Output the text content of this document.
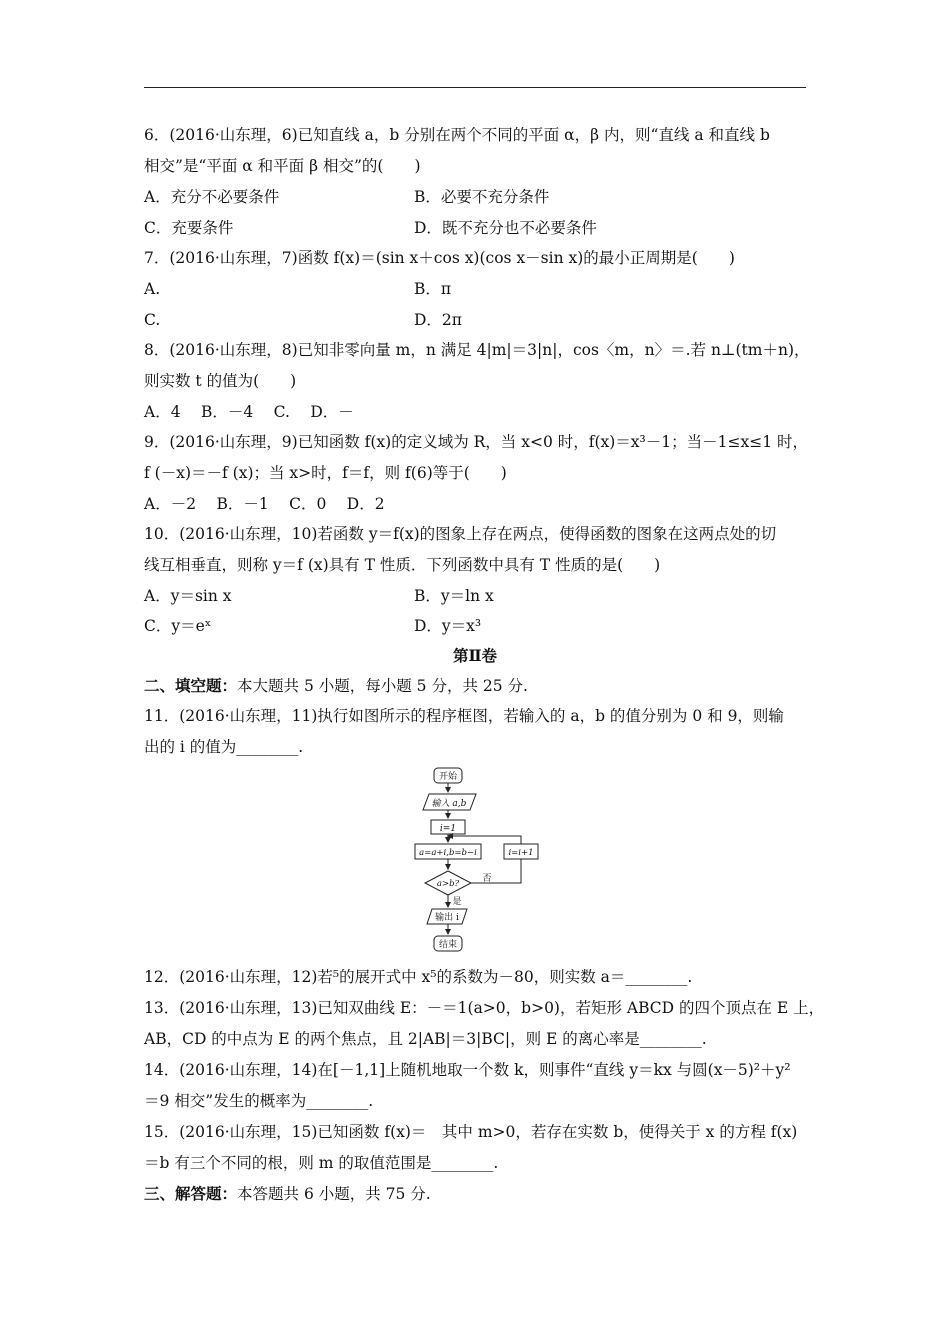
6．(2016·山东理，6)已知直线 a，b 分别在两个不同的平面 α，β 内，则“直线 a 和直线 b
相交”是“平面 α 和平面 β 相交”的(　　)
A．充分不必要条件	B．必要不充分条件
C．充要条件	D．既不充分也不必要条件
7．(2016·山东理，7)函数 f(x)＝(sin x＋cos x)(cos x－sin x)的最小正周期是(　　)
A.	B．π
C.	D．2π
8．(2016·山东理，8)已知非零向量 m，n 满足 4|m|＝3|n|，cos〈m，n〉＝.若 n⊥(tm＋n)，
则实数 t 的值为(　　)
A．4　 B．－4　 C.　 D．－
9．(2016·山东理，9)已知函数 f(x)的定义域为 R，当 x<0 时，f(x)＝x³－1；当－1≤x≤1 时，
f (－x)＝－f (x)；当 x>时，f＝f，则 f(6)等于(　　)
A．－2　 B．－1　 C．0　 D．2
10．(2016·山东理，10)若函数 y＝f(x)的图象上存在两点，使得函数的图象在这两点处的切
线互相垂直，则称 y＝f (x)具有 T 性质．下列函数中具有 T 性质的是(　　)
A．y＝sin x	B．y＝ln x
C．y＝eˣ	D．y＝x³
第Ⅱ卷
二、填空题：本大题共 5 小题，每小题 5 分，共 25 分.
11．(2016·山东理，11)执行如图所示的程序框图，若输入的 a，b 的值分别为 0 和 9，则输
出的 i 的值为________.
开始
输入 a,b
i=1
a=a+i,b=b−i	i=i+1
a>b?	否
是
输出 i
结束
12．(2016·山东理，12)若⁵的展开式中 x⁵的系数为－80，则实数 a＝________.
13．(2016·山东理，13)已知双曲线 E：－＝1(a>0，b>0)，若矩形 ABCD 的四个顶点在 E 上，
AB，CD 的中点为 E 的两个焦点，且 2|AB|＝3|BC|，则 E 的离心率是________.
14．(2016·山东理，14)在[－1,1]上随机地取一个数 k，则事件“直线 y＝kx 与圆(x－5)²＋y²
＝9 相交”发生的概率为________.
15．(2016·山东理，15)已知函数 f(x)＝　其中 m>0，若存在实数 b，使得关于 x 的方程 f(x)
＝b 有三个不同的根，则 m 的取值范围是________.
三、解答题：本答题共 6 小题，共 75 分.
